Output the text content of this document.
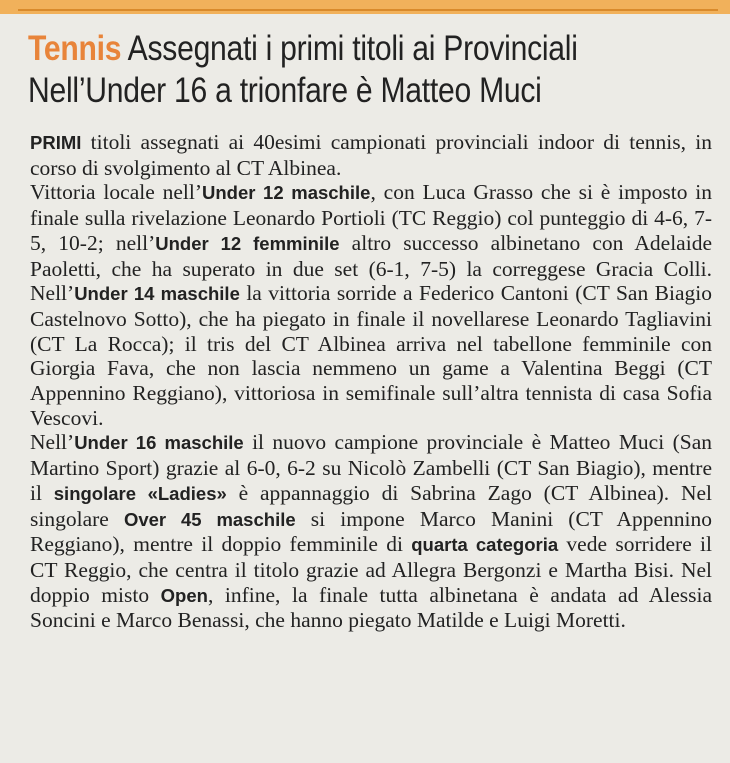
Tennis Assegnati i primi titoli ai Provinciali
Nell’Under 16 a trionfare è Matteo Muci

PRIMI titoli assegnati ai 40esimi campionati provinciali indoor di tennis, in corso di svolgimento al CT Albinea.

Vittoria locale nell’Under 12 maschile, con Luca Grasso che si è imposto in finale sulla rivelazione Leonardo Portioli (TC Reggio) col punteggio di 4-6, 7-5, 10-2; nell’Under 12 femminile altro successo albinetano con Adelaide Paoletti, che ha superato in due set (6-1, 7-5) la correggese Gracia Colli. Nell’Under 14 maschile la vittoria sorride a Federico Cantoni (CT San Biagio Castelnovo Sotto), che ha piegato in finale il novellarese Leonardo Tagliavini (CT La Rocca); il tris del CT Albinea arriva nel tabellone femminile con Giorgia Fava, che non lascia nemmeno un game a Valentina Beggi (CT Appennino Reggiano), vittoriosa in semifinale sull’altra tennista di casa Sofia Vescovi.

Nell’Under 16 maschile il nuovo campione provinciale è Matteo Muci (San Martino Sport) grazie al 6-0, 6-2 su Nicolò Zambelli (CT San Biagio), mentre il singolare «Ladies» è appannaggio di Sabrina Zago (CT Albinea). Nel singolare Over 45 maschile si impone Marco Manini (CT Appennino Reggiano), mentre il doppio femminile di quarta categoria vede sorridere il CT Reggio, che centra il titolo grazie ad Allegra Bergonzi e Martha Bisi. Nel doppio misto Open, infine, la finale tutta albinetana è andata ad Alessia Soncini e Marco Benassi, che hanno piegato Matilde e Luigi Moretti.
